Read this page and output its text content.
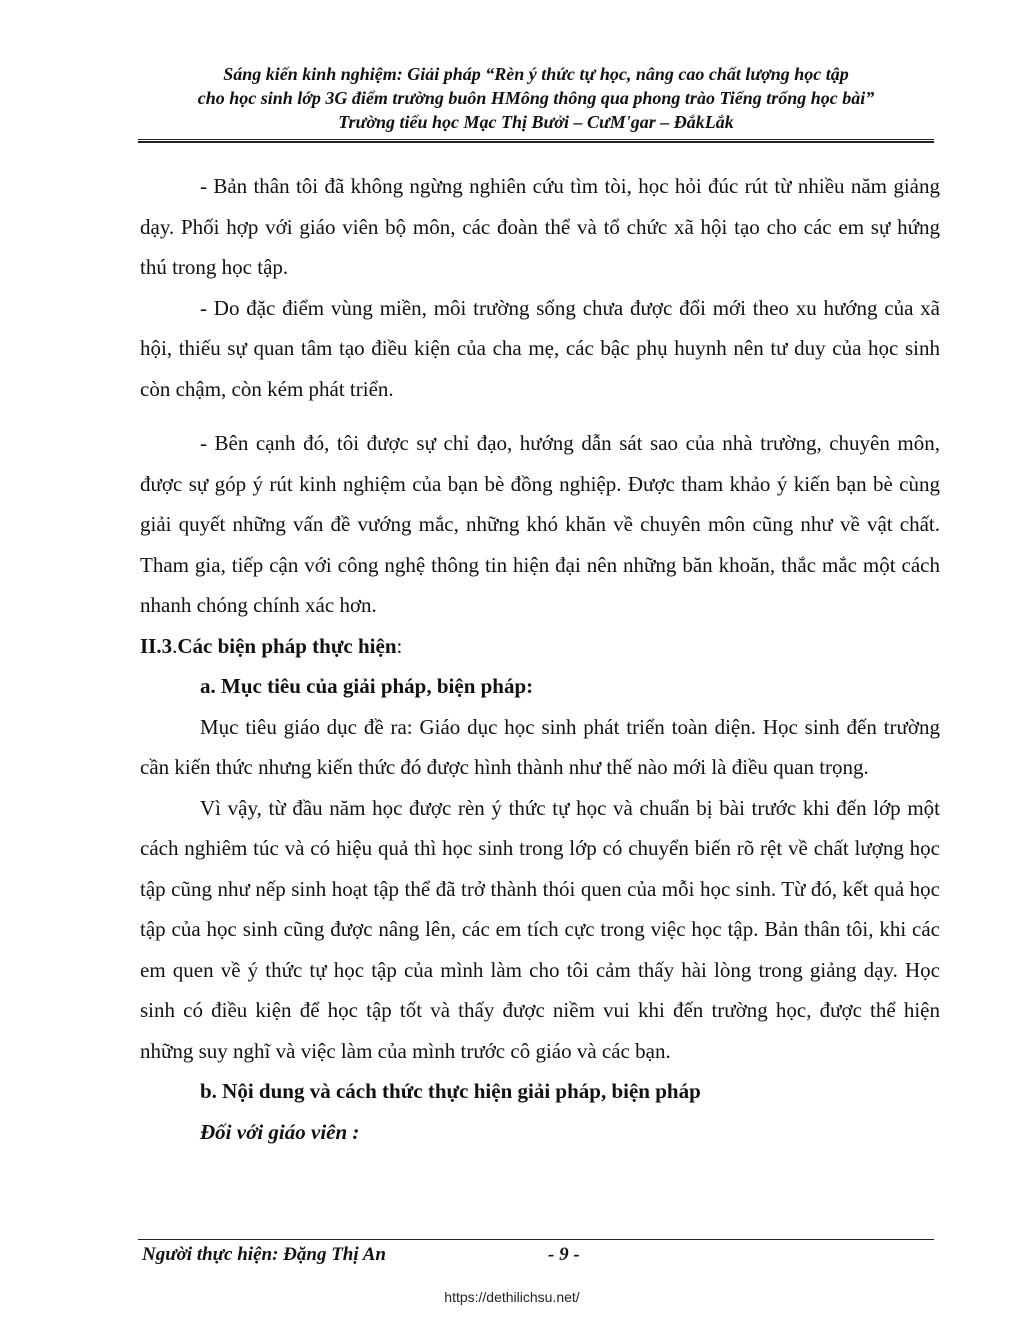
Sáng kiến kinh nghiệm: Giải pháp “Rèn ý thức tự học, nâng cao chất lượng học tập
cho học sinh lớp 3G điểm trường buôn HMông thông qua phong trào Tiếng trống học bài”
Trường tiểu học Mạc Thị Bưởi – CưM'gar – ĐắkLắk

- Bản thân tôi đã không ngừng nghiên cứu tìm tòi, học hỏi đúc rút từ nhiều năm giảng dạy. Phối hợp với giáo viên bộ môn, các đoàn thể và tổ chức xã hội tạo cho các em sự hứng thú trong học tập.

- Do đặc điểm vùng miền, môi trường sống chưa được đổi mới theo xu hướng của xã hội, thiếu sự quan tâm tạo điều kiện của cha mẹ, các bậc phụ huynh nên tư duy của học sinh còn chậm, còn kém phát triển.

- Bên cạnh đó, tôi được sự chỉ đạo, hướng dẫn sát sao của nhà trường, chuyên môn, được sự góp ý rút kinh nghiệm của bạn bè đồng nghiệp. Được tham khảo ý kiến bạn bè cùng giải quyết những vấn đề vướng mắc, những khó khăn về chuyên môn cũng như về vật chất. Tham gia, tiếp cận với công nghệ thông tin hiện đại nên những băn khoăn, thắc mắc một cách nhanh chóng chính xác hơn.

II.3.Các biện pháp thực hiện:

a. Mục tiêu của giải pháp, biện pháp:

Mục tiêu giáo dục đề ra: Giáo dục học sinh phát triển toàn diện. Học sinh đến trường cần kiến thức nhưng kiến thức đó được hình thành như thế nào mới là điều quan trọng.

Vì vậy, từ đầu năm học được rèn ý thức tự học và chuẩn bị bài trước khi đến lớp một cách nghiêm túc và có hiệu quả thì học sinh trong lớp có chuyển biến rõ rệt về chất lượng học tập cũng như nếp sinh hoạt tập thể đã trở thành thói quen của mỗi học sinh. Từ đó, kết quả học tập của học sinh cũng được nâng lên, các em tích cực trong việc học tập. Bản thân tôi, khi các em quen về ý thức tự học tập của mình làm cho tôi cảm thấy hài lòng trong giảng dạy. Học sinh có điều kiện để học tập tốt và thấy được niềm vui khi đến trường học, được thể hiện những suy nghĩ và việc làm của mình trước cô giáo và các bạn.

b. Nội dung và cách thức thực hiện giải pháp, biện pháp

Đối với giáo viên :

Người thực hiện: Đặng Thị An	- 9 -
https://dethilichsu.net/
